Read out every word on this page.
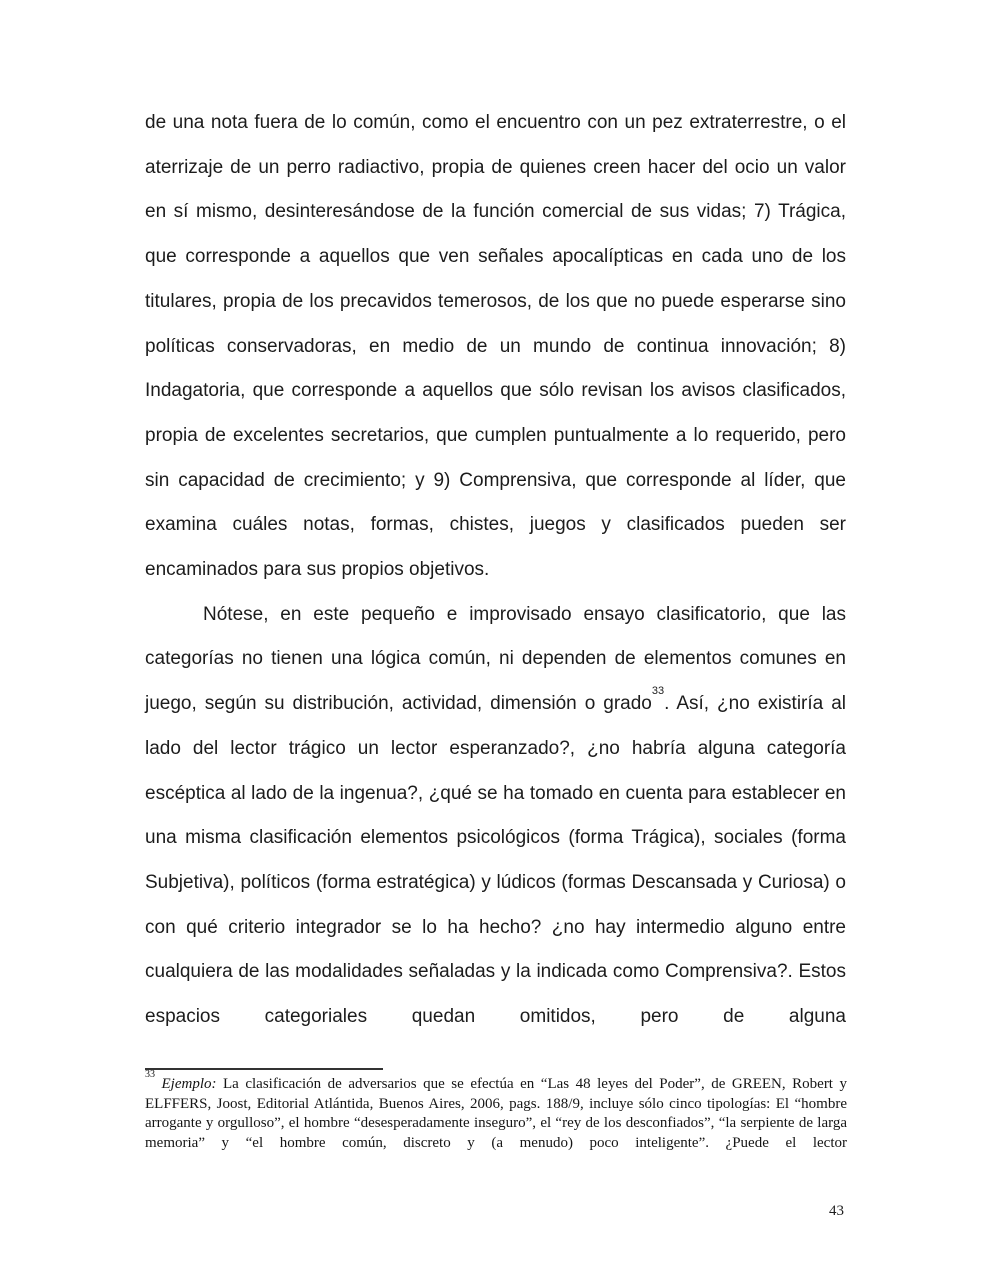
de una nota fuera de lo común, como el encuentro con un pez extraterrestre, o el aterrizaje de un perro radiactivo, propia de quienes creen hacer del ocio un valor en sí mismo, desinteresándose de la función comercial de sus vidas; 7) Trágica, que corresponde a aquellos que ven señales apocalípticas en cada uno de los titulares, propia de los precavidos temerosos, de los que no puede esperarse sino políticas conservadoras, en medio de un mundo de continua innovación; 8) Indagatoria, que corresponde a aquellos que sólo revisan los avisos clasificados, propia de excelentes secretarios, que cumplen puntualmente a lo requerido, pero sin capacidad de crecimiento; y 9) Comprensiva, que corresponde al líder, que examina cuáles notas, formas, chistes, juegos y clasificados pueden ser encaminados para sus propios objetivos.

Nótese, en este pequeño e improvisado ensayo clasificatorio, que las categorías no tienen una lógica común, ni dependen de elementos comunes en juego, según su distribución, actividad, dimensión o grado$^{33}$. Así, ¿no existiría al lado del lector trágico un lector esperanzado?, ¿no habría alguna categoría escéptica al lado de la ingenua?, ¿qué se ha tomado en cuenta para establecer en una misma clasificación elementos psicológicos (forma Trágica), sociales (forma Subjetiva), políticos (forma estratégica) y lúdicos (formas Descansada y Curiosa) o con qué criterio integrador se lo ha hecho? ¿no hay intermedio alguno entre cualquiera de las modalidades señaladas y la indicada como Comprensiva?. Estos espacios categoriales quedan omitidos, pero de alguna

$^{33}$ Ejemplo: La clasificación de adversarios que se efectúa en “Las 48 leyes del Poder”, de GREEN, Robert y ELFFERS, Joost, Editorial Atlántida, Buenos Aires, 2006, pags. 188/9, incluye sólo cinco tipologías: El “hombre arrogante y orgulloso”, el hombre “desesperadamente inseguro”, el “rey de los desconfiados”, “la serpiente de larga memoria” y “el hombre común, discreto y (a menudo) poco inteligente”. ¿Puede el lector

43
